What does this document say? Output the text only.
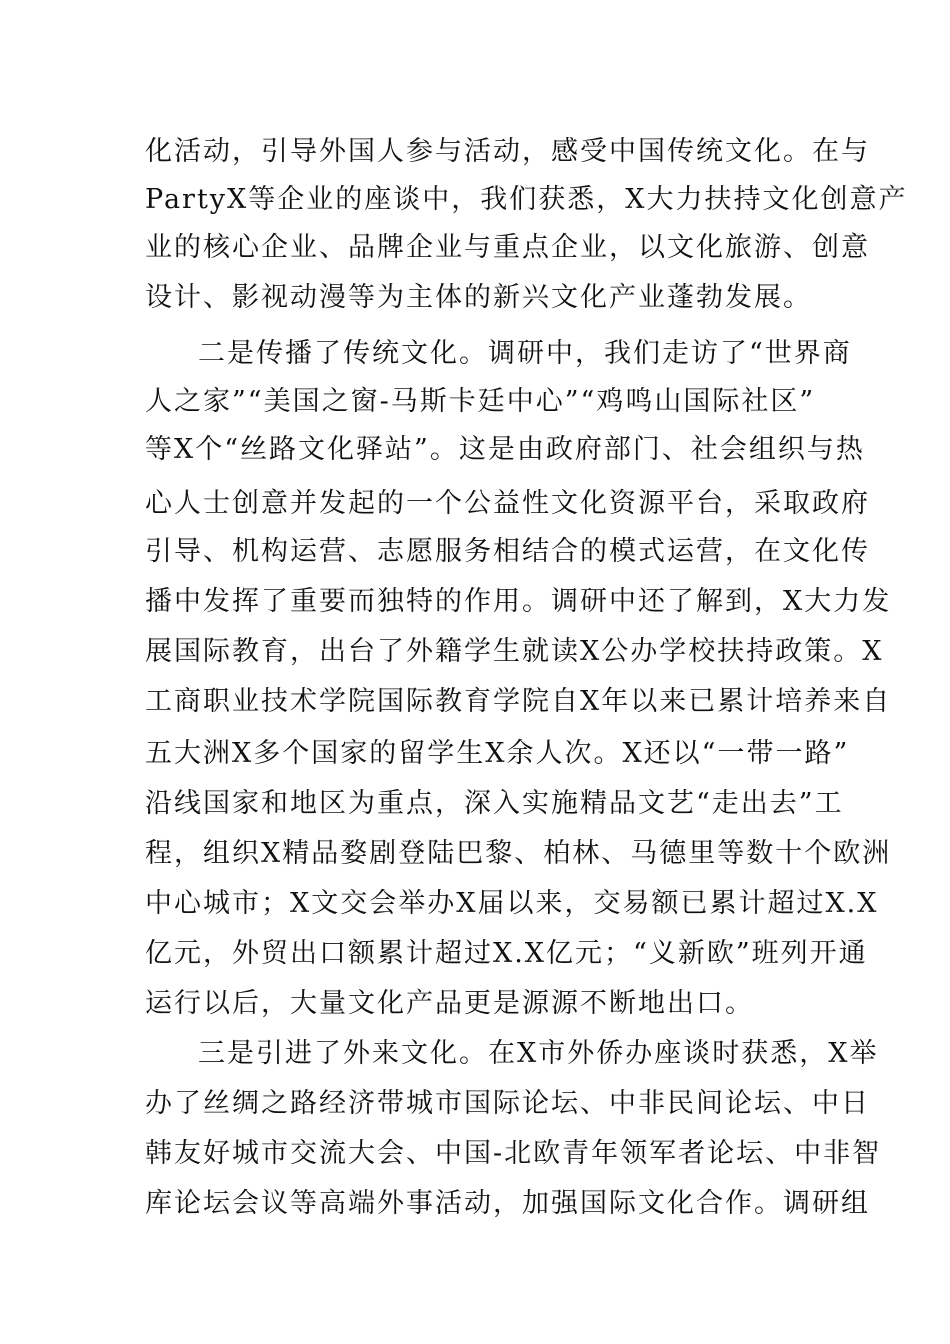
化活动，引导外国人参与活动，感受中国传统文化。在与
PartyX等企业的座谈中，我们获悉，X大力扶持文化创意产
业的核心企业、品牌企业与重点企业，以文化旅游、创意
设计、影视动漫等为主体的新兴文化产业蓬勃发展。
二是传播了传统文化。调研中，我们走访了“世界商
人之家”“美国之窗-马斯卡廷中心”“鸡鸣山国际社区”
等X个“丝路文化驿站”。这是由政府部门、社会组织与热
心人士创意并发起的一个公益性文化资源平台，采取政府
引导、机构运营、志愿服务相结合的模式运营，在文化传
播中发挥了重要而独特的作用。调研中还了解到，X大力发
展国际教育，出台了外籍学生就读X公办学校扶持政策。X
工商职业技术学院国际教育学院自X年以来已累计培养来自
五大洲X多个国家的留学生X余人次。X还以“一带一路”
沿线国家和地区为重点，深入实施精品文艺“走出去”工
程，组织X精品婺剧登陆巴黎、柏林、马德里等数十个欧洲
中心城市；X文交会举办X届以来，交易额已累计超过X.X
亿元，外贸出口额累计超过X.X亿元；“义新欧”班列开通
运行以后，大量文化产品更是源源不断地出口。
三是引进了外来文化。在X市外侨办座谈时获悉，X举
办了丝绸之路经济带城市国际论坛、中非民间论坛、中日
韩友好城市交流大会、中国-北欧青年领军者论坛、中非智
库论坛会议等高端外事活动，加强国际文化合作。调研组
